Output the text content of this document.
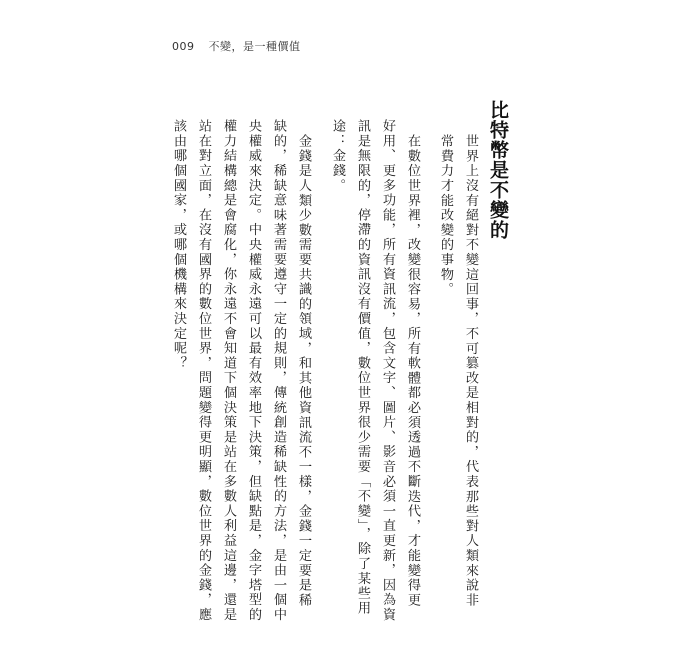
009 不變，是一種價值

比特幣是不變的

世界上沒有絕對不變這回事，不可篡改是相對的，代表那些對人類來說非

常費力才能改變的事物。

在數位世界裡，改變很容易，所有軟體都必須透過不斷迭代，才能變得更

好用、更多功能，所有資訊流，包含文字、圖片、影音必須一直更新，因為資

訊是無限的，停滯的資訊沒有價值，數位世界很少需要「不變」，除了某些用

途：金錢。

金錢是人類少數需要共識的領域，和其他資訊流不一樣，金錢一定要是稀

缺的，稀缺意味著需要遵守一定的規則，傳統創造稀缺性的方法，是由一個中

央權威來決定。中央權威永遠可以最有效率地下決策，但缺點是，金字塔型的

權力結構總是會腐化，你永遠不會知道下個決策是站在多數人利益這邊，還是

站在對立面，在沒有國界的數位世界，問題變得更明顯，數位世界的金錢，應

該由哪個國家，或哪個機構來決定呢？
